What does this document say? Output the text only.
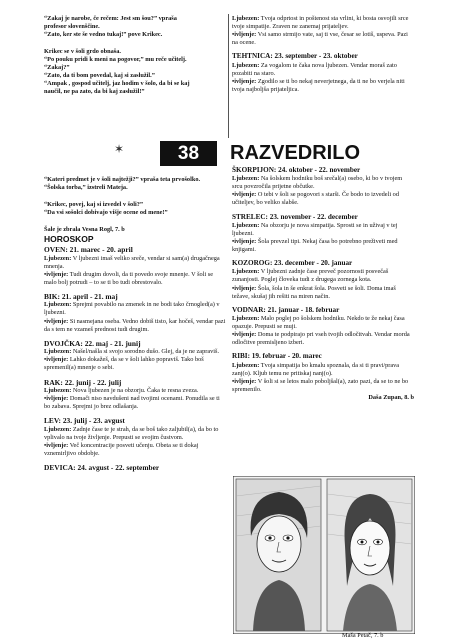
“Zakaj je narobe, če rečem: Jest sm šou?” vpraša

profesor slovenščine.

“Zato, ker ste še vedno tukaj!” pove Krikec.

Krikec se v šoli grdo obnaša.

“Po pouku pridi k meni na pogovor,” mu reče učitelj.

“Zakaj?”

“Zato, da ti bom povedal, kaj si zaslužil.”

“Ampak , gospod učitelj, jaz hodim v šolo, da bi se kaj

naučil, ne pa zato, da bi kaj zaslužil!”

Ljubezen: Tvoja odprtost in poštenost sta vrlini, ki bosta osvojili srce tvoje simpatije. Zraven ne zanemaj prijateljev.

•ivljenje: Vsi samo strmijo vate, saj ti vse, česar se lotiš, uspeva. Pazi na ocene.

TEHTNICA: 23. september - 23. oktober

Ljubezen: Za vogalom te čaka nova ljubezen. Vendar moraš zato pozabiti na staro.

•ivljenje: Zgodilo se ti bo nekaj neverjetnega, da ti ne bo verjela niti tvoja najboljša prijateljica.

✶	38	RAZVEDRILO

“Kateri predmet je v šoli najtežji?” vpraša teta prvošolko.

“Šolska torba,” izstreli Mateja.

“Krikec, povej, kaj si izvedel v šoli?”

“Da vsi sošolci dobivajo višje ocene od mene!”

Šale je zbrala Vesna Rogl, 7. b

HOROSKOP

OVEN: 21. marec - 20. april

Ljubezen: V ljubezni imaš veliko sreče, vendar si sam(a) drugačnega mnenja.

•ivljenje: Tudi drugim dovoli, da ti povedo svoje mnenje. V šoli se malo bolj potrudi – to se ti bo tudi obrestovalo.

BIK: 21. april - 21. maj

Ljubezen: Sprejmi povabilo na zmenek in ne bodi tako črnogled(a) v ljubezni.

•ivljenje: Si nasmejana oseba. Vedno dobiš tisto, kar hočeš, vendar pazi da s tem ne vzameš prednost tudi drugim.

DVOJČKA: 22. maj - 21. junij

Ljubezen: Našel/našla si svojo sorodno dušo. Glej, da je ne zapraviš.

•ivljenje: Lahko dokažeš, da se v šoli lahko popraviš. Tako boš spremenil(a) mnenje o sebi.

RAK: 22. junij - 22. julij

Ljubezen: Nova ljubezen je na obzorju. Čaka te resna zveza.

•ivljenje: Domači niso navdušeni nad tvojimi ocenami. Ponudila se ti bo zabava. Sprejmi jo brez odlašanja.

LEV: 23. julij - 23. avgust

Ljubezen: Zadnje čase te je strah, da se boš tako zaljubil(a), da bo to vplivalo na tvoje življenje. Prepusti se svojim čustvom.

•ivljenje: Več koncentracije posveti učenju. Obeta se ti dokaj vznemirljivo obdobje.

DEVICA: 24. avgust - 22. september

ŠKORPIJON: 24. oktober - 22. november

Ljubezen: Na šolskem hodniku boš srečal(a) osebo, ki bo v tvojem srcu povzročila prijetne občutke.

•ivljenje: O tebi v šoli se pogovori s starši. Če bodo to izvedeli od učiteljev, bo veliko slabše.

STRELEC: 23. november - 22. december

Ljubezen: Na obzorju je nova simpatija. Sprosti se in uživaj v tej ljubezni.

•ivljenje: Šola prevzel tipi. Nekaj časa bo potrebno preživeti med knjigami.

KOZOROG: 23. december - 20. januar

Ljubezen: V ljubezni zadnje čase preveč pozornosti posvečaš zunanjosti. Poglej človeka tudi z drugega zornega kota.

•ivljenje: Šola, šola in še enkrat šola. Posveti se šoli. Doma imaš težave, skušaj jih rešiti na miren način.

VODNAR: 21. januar - 18. februar

Ljubezen: Malo poglej po šolskem hodniku. Nekdo te že nekaj časa opazuje. Prepusti se muji.

•ivljenje: Doma te podpirajo pri vseh tvojih odločitvah. Vendar morda odločitve premisljeno izberi.

RIBI: 19. februar - 20. marec

Ljubezen: Tvoja simpatija bo kmalu spoznala, da si ti pravi/prava zanj(o). Kljub temu ne pritiskaj nanj(o).

•ivljenje: V šoli si se letos malo poboljšal(a), zato pazi, da se to ne bo spremenilo.

Daša Zupan, 8. b

Maša Petač, 7. b
